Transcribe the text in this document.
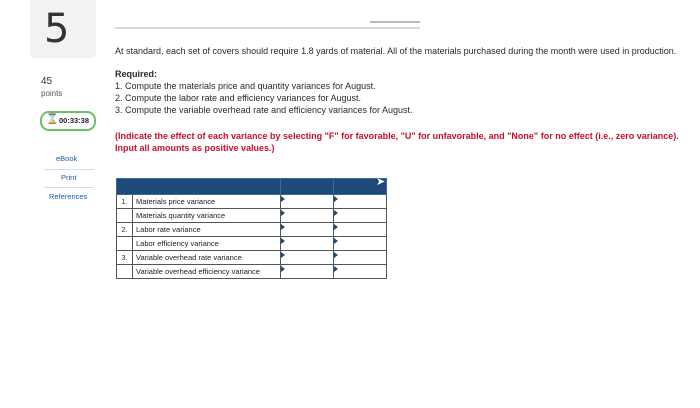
5
45
points
⌛ 00:33:38
eBook
Print
References
At standard, each set of covers should require 1.8 yards of material. All of the materials purchased during the month were used in production.
Required:
1. Compute the materials price and quantity variances for August.
2. Compute the labor rate and efficiency variances for August.
3. Compute the variable overhead rate and efficiency variances for August.
(Indicate the effect of each variance by selecting "F" for favorable, "U" for unfavorable, and "None" for no effect (i.e., zero variance). Input all amounts as positive values.)

1.	Materials price variance	

	Materials quantity variance	

2.	Labor rate variance	

	Labor efficiency variance	

3.	Variable overhead rate variance	

	Variable overhead efficiency variance	

➤
